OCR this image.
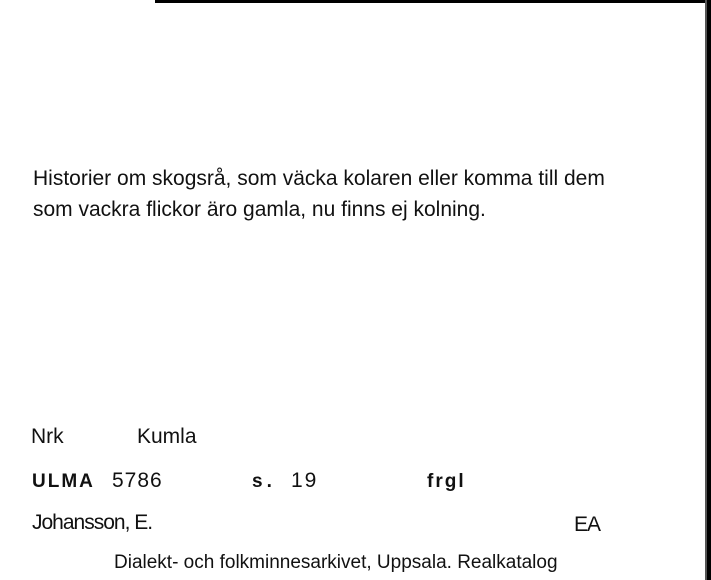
Historier om skogsrå, som väcka kolaren eller komma till dem
som vackra flickor äro gamla, nu finns ej kolning.

Nrk	Kumla
ULMA 5786	s. 19	frgl
Johansson, E.	EA
Dialekt- och folkminnesarkivet, Uppsala. Realkatalog
